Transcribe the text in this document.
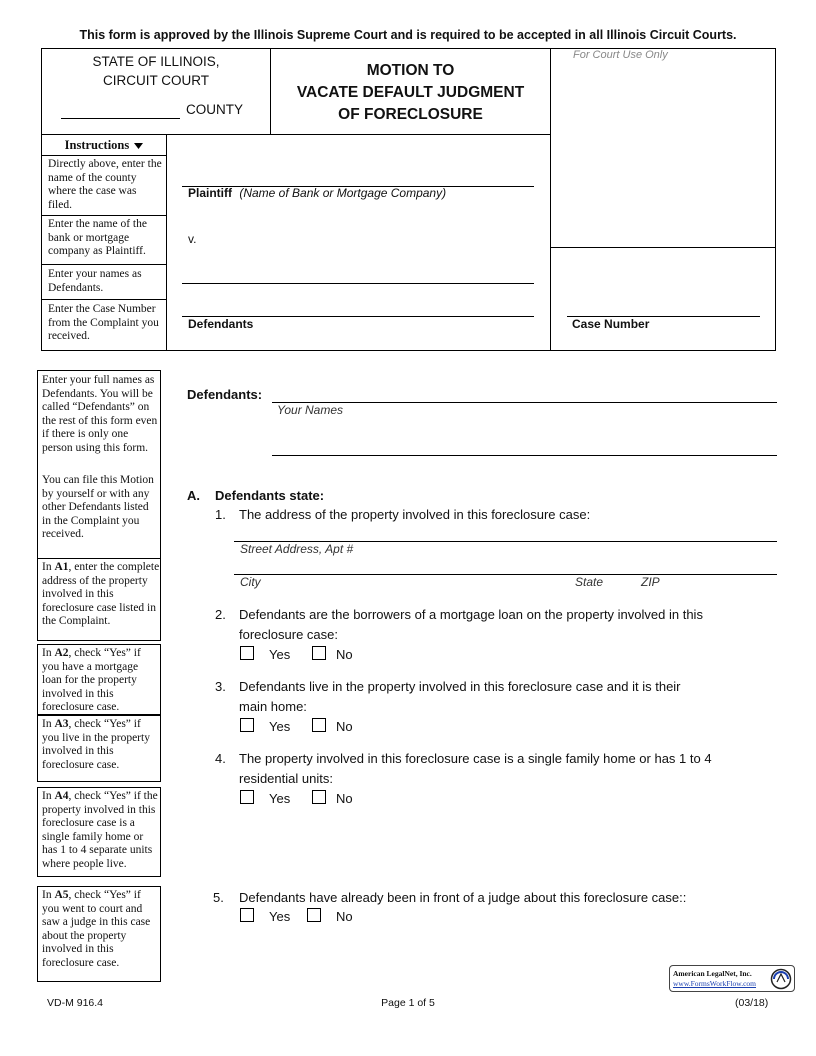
This form is approved by the Illinois Supreme Court and is required to be accepted in all Illinois Circuit Courts.
STATE OF ILLINOIS,
CIRCUIT COURT
COUNTY
MOTION TO
VACATE DEFAULT JUDGMENT
OF FORECLOSURE
For Court Use Only
Instructions
Directly above, enter the name of the county where the case was filed.
Enter the name of the bank or mortgage company as Plaintiff.
Enter your names as Defendants.
Enter the Case Number from the Complaint you received.
Plaintiff (Name of Bank or Mortgage Company)
v.
Defendants	Case Number
Enter your full names as Defendants. You will be called “Defendants” on the rest of this form even if there is only one person using this form.
You can file this Motion by yourself or with any other Defendants listed in the Complaint you received.
In A1, enter the complete address of the property involved in this foreclosure case listed in the Complaint.
In A2, check “Yes” if you have a mortgage loan for the property involved in this foreclosure case.
In A3, check “Yes” if you live in the property involved in this foreclosure case.
In A4, check “Yes” if the property involved in this foreclosure case is a single family home or has 1 to 4 separate units where people live.
In A5, check “Yes” if you went to court and saw a judge in this case about the property involved in this foreclosure case.
Defendants:
Your Names
A. Defendants state:
1. The address of the property involved in this foreclosure case:
Street Address, Apt #
City	State	ZIP
2. Defendants are the borrowers of a mortgage loan on the property involved in this
foreclosure case:
Yes	No
3. Defendants live in the property involved in this foreclosure case and it is their
main home:
Yes	No
4. The property involved in this foreclosure case is a single family home or has 1 to 4
residential units:
Yes	No
5. Defendants have already been in front of a judge about this foreclosure case::
Yes	No
American LegalNet, Inc.
www.FormsWorkFlow.com
VD-M 916.4	Page 1 of 5	(03/18)
